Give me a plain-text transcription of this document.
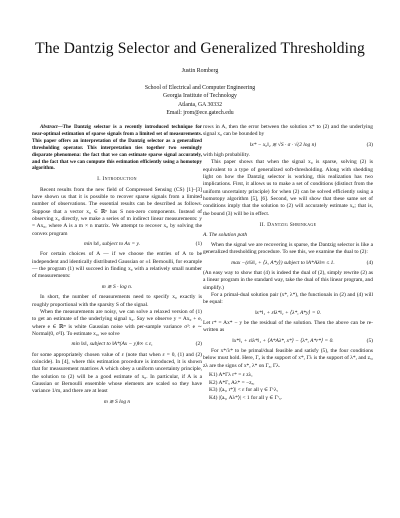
The Dantzig Selector and Generalized Thresholding
Justin Romberg
School of Electrical and Computer Engineering
Georgia Institute of Technology
Atlanta, GA 30332
Email: jrom@ece.gatech.edu

Abstract—The Dantzig selector is a recently introduced technique for near-optimal estimation of sparse signals from a limited set of measurements. This paper offers an interpretation of the Dantzig selector as a generalized thresholding operator. This interpretation ties together two seemingly disparate phenomena: the fact that we can estimate sparse signal accurately, and the fact that we can compute this estimation efficiently using a homotopy algorithm.

I. Introduction

Recent results from the new field of Compressed Sensing (CS) [1]–[3] have shown us that it is possible to recover sparse signals from a limited number of observations. The essential results can be described as follows. Suppose that a vector x₀ ∈ ℝⁿ has S non-zero components. Instead of observing x₀ directly, we make a series of m indirect linear measurements: y = Ax₀, where A is a m × n matrix. We attempt to recover x₀ by solving the convex program

min ‖x‖₁ subject to Ax = y.	(1)

For certain choices of A — if we choose the entries of A to be independent and identically distributed Gaussian or ±1 Bernoulli, for example — the program (1) will succeed in finding x₀ with a relatively small number of measurements:

m ≳ S · log n.

In short, the number of measurements need to specify x₀ exactly is roughly proportional with the sparsity S of the signal.

When the measurements are noisy, we can solve a relaxed version of (1) to get an estimate of the underlying signal x₀. Say we observe y = Ax₀ + e, where e ∈ ℝᵐ is white Gaussian noise with per-sample variance σ²: e ∼ Normal(0, σ²I). To estimate x₀, we solve

min ‖x‖₁ subject to ‖A*(Ax − y)‖∞ ≤ ε,	(2)

for some appropriately chosen value of ε (note that when ε = 0, (1) and (2) coincide). In [4], where this estimation procedure is introduced, it is shown that for measurement matrices A which obey a uniform uncertainty principle, the solution to (2) will be a good estimate of x₀. In particular, if A is a Gaussian or Bernoulli ensemble whose elements are scaled so they have variance 1/m, and there are at least

m ≳ S log n

rows in A, then the error between the solution x* to (2) and the underlying signal x₀ can be bounded by

‖x* − x₀‖₂ ≲ √S · σ · √(2 log n)	(3)

with high probability.

This paper shows that when the signal x₀ is sparse, solving (2) is equivalent to a type of generalized soft-thresholding. Along with shedding light on how the Dantzig selector is working, this realization has two implications. First, it allows us to make a set of conditions (distinct from the uniform uncertainty principle) for when (2) can be solved efficiently using a homotopy algorithm [5], [6]. Second, we will show that these same set of conditions imply that the solution to (2) will accurately estimate x₀; that is, the bound (3) will be in effect.

II. Dantzig Shrinkage
A. The solution path

When the signal we are recovering is sparse, the Dantzig selector is like a generalized thresholding procedure. To see this, we examine the dual to (2):

max −(ε‖λ‖₁ + ⟨λ, A*y⟩) subject to ‖A*Aλ‖∞ ≤ 1.	(4)

(An easy way to show that (4) is indeed the dual of (2), simply rewrite (2) as a linear program in the standard way, take the dual of this linear program, and simplify.)

For a primal-dual solution pair (x*, λ*), the functionals in (2) and (4) will be equal:

‖x*‖₁ + ε‖λ*‖₁ + ⟨λ*, A*y⟩ = 0.

Let r* = Ax* − y be the residual of the solution. Then the above can be re-written as

‖x*‖₁ + ε‖λ*‖₁ + ⟨A*Aλ*, x*⟩ − ⟨λ*, A*r*⟩ = 0.	(5)

For x*/λ* to be primal/dual feasible and satisfy (5), the four conditions below must hold. Here, Γₓ is the support of x*, Γλ is the support of λ*, and zₓ, zλ are the signs of x*, λ* on Γₓ, Γλ.

K1) A*Γλ r* = ε zλ,
K2) A*Γₓ Aλ* = −zₓ,
K3) |⟨aᵧ, r*⟩| < ε for all γ ∈ Γᶜλ,
K4) |⟨aᵧ, Aλ*⟩| < 1 for all γ ∈ Γᶜₓ.
